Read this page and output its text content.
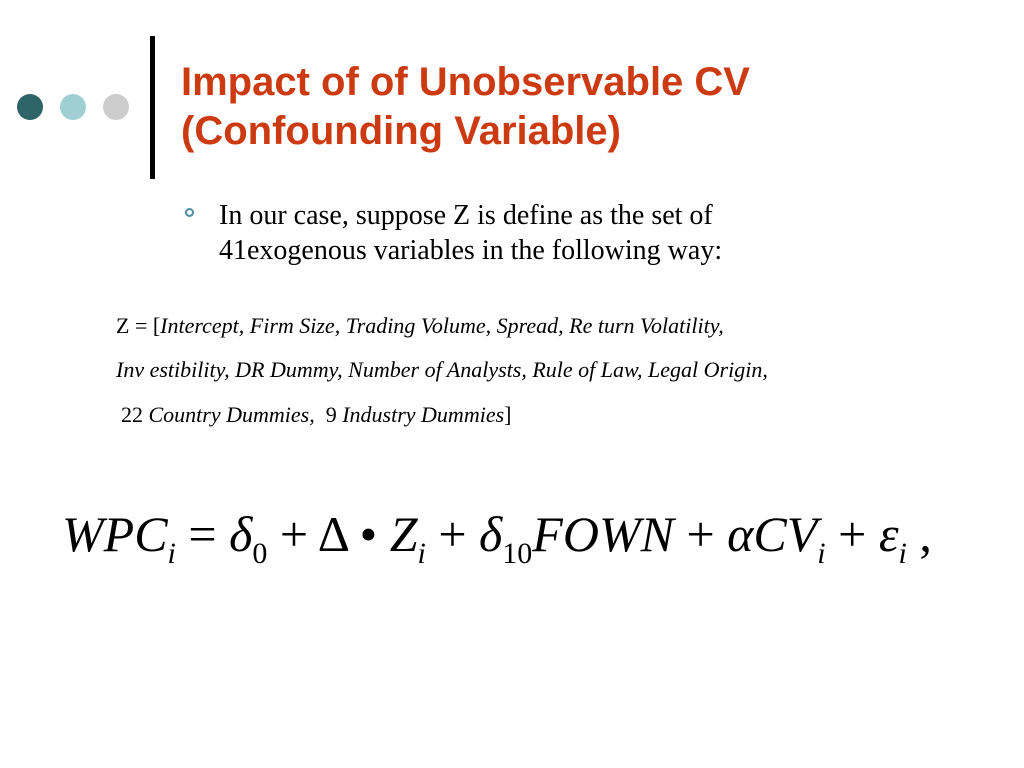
Impact of of Unobservable CV
(Confounding Variable)
In our case, suppose Z is define as the set of
41exogenous variables in the following way:
Z = [Intercept, Firm Size, Trading Volume, Spread, Re turn Volatility,
Inv estibility, DR Dummy, Number of Analysts, Rule of Law, Legal Origin,
22 Country Dummies, 9 Industry Dummies]
$WPC_i = \delta_0 + \Delta$ • $Z_i$ + $\delta_{10}FOWN + \alpha CV_i + \varepsilon_i$ ,
